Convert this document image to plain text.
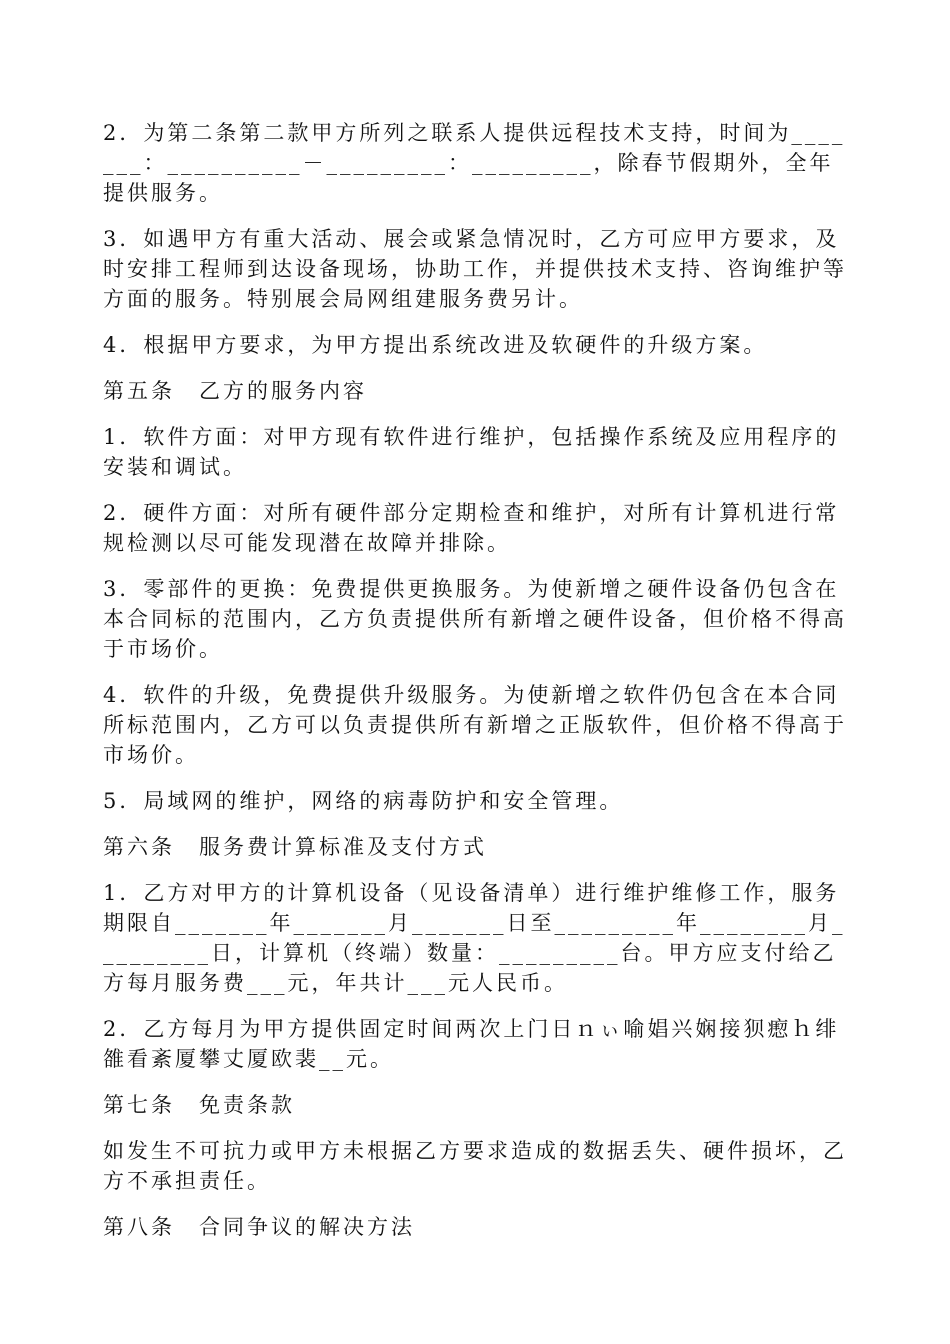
2．为第二条第二款甲方所列之联系人提供远程技术支持，时间为_______：__________－_________：_________，除春节假期外，全年提供服务。

3．如遇甲方有重大活动、展会或紧急情况时，乙方可应甲方要求，及时安排工程师到达设备现场，协助工作，并提供技术支持、咨询维护等方面的服务。特别展会局网组建服务费另计。

4．根据甲方要求，为甲方提出系统改进及软硬件的升级方案。

第五条　乙方的服务内容

1．软件方面：对甲方现有软件进行维护，包括操作系统及应用程序的安装和调试。

2．硬件方面：对所有硬件部分定期检查和维护，对所有计算机进行常规检测以尽可能发现潜在故障并排除。

3．零部件的更换：免费提供更换服务。为使新增之硬件设备仍包含在本合同标的范围内，乙方负责提供所有新增之硬件设备，但价格不得高于市场价。

4．软件的升级，免费提供升级服务。为使新增之软件仍包含在本合同所标范围内，乙方可以负责提供所有新增之正版软件，但价格不得高于市场价。

5．局域网的维护，网络的病毒防护和安全管理。

第六条　服务费计算标准及支付方式

1．乙方对甲方的计算机设备（见设备清单）进行维护维修工作，服务期限自_______年_______月_______日至_________年________月_________日，计算机（终端）数量：_________台。甲方应支付给乙方每月服务费___元，年共计___元人民币。

2．乙方每月为甲方提供固定时间两次上门日ｎぃ喻娼兴娴接狈瘛ｈ绯雒看紊厦攀丈厦欧裴__元。

第七条　免责条款

如发生不可抗力或甲方未根据乙方要求造成的数据丢失、硬件损坏，乙方不承担责任。

第八条　合同争议的解决方法
